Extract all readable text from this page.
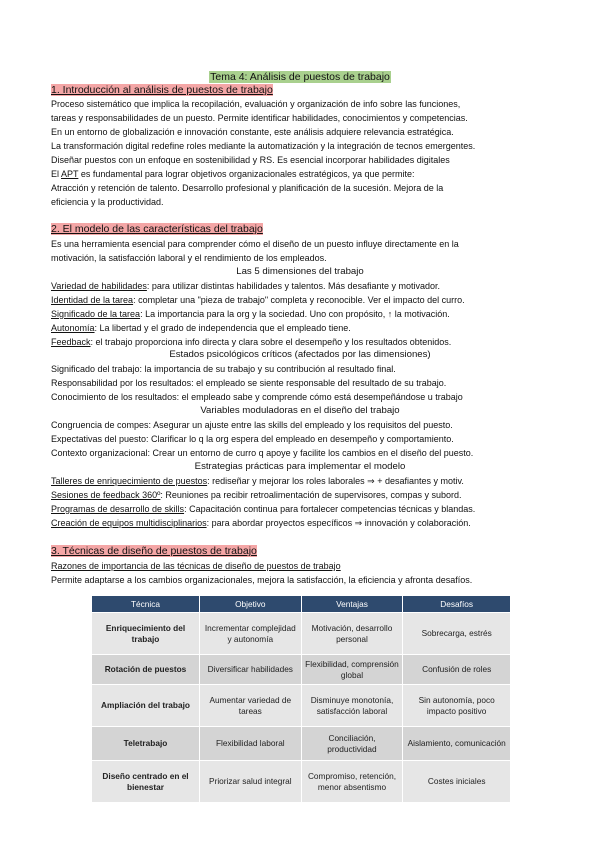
Tema 4: Análisis de puestos de trabajo
1. Introducción al análisis de puestos de trabajo
Proceso sistemático que implica la recopilación, evaluación y organización de info sobre las funciones,
tareas y responsabilidades de un puesto. Permite identificar habilidades, conocimientos y competencias.
En un entorno de globalización e innovación constante, este análisis adquiere relevancia estratégica.
La transformación digital redefine roles mediante la automatización y la integración de tecnos emergentes.
Diseñar puestos con un enfoque en sostenibilidad y RS. Es esencial incorporar habilidades digitales
El APT es fundamental para lograr objetivos organizacionales estratégicos, ya que permite:
Atracción y retención de talento. Desarrollo profesional y planificación de la sucesión. Mejora de la
eficiencia y la productividad.
2. El modelo de las características del trabajo
Es una herramienta esencial para comprender cómo el diseño de un puesto influye directamente en la
motivación, la satisfacción laboral y el rendimiento de los empleados.
Las 5 dimensiones del trabajo
Variedad de habilidades: para utilizar distintas habilidades y talentos. Más desafiante y motivador.
Identidad de la tarea: completar una "pieza de trabajo" completa y reconocible. Ver el impacto del curro.
Significado de la tarea: La importancia para la org y la sociedad. Uno con propósito, ↑ la motivación.
Autonomía: La libertad y el grado de independencia que el empleado tiene.
Feedback: el trabajo proporciona info directa y clara sobre el desempeño y los resultados obtenidos.
Estados psicológicos críticos (afectados por las dimensiones)
Significado del trabajo: la importancia de su trabajo y su contribución al resultado final.
Responsabilidad por los resultados: el empleado se siente responsable del resultado de su trabajo.
Conocimiento de los resultados: el empleado sabe y comprende cómo está desempeñándose u trabajo
Variables moduladoras en el diseño del trabajo
Congruencia de compes: Asegurar un ajuste entre las skills del empleado y los requisitos del puesto.
Expectativas del puesto: Clarificar lo q la org espera del empleado en desempeño y comportamiento.
Contexto organizacional: Crear un entorno de curro q apoye y facilite los cambios en el diseño del puesto.
Estrategias prácticas para implementar el modelo
Talleres de enriquecimiento de puestos: rediseñar y mejorar los roles laborales ⇒ + desafiantes y motiv.
Sesiones de feedback 360º: Reuniones pa recibir retroalimentación de supervisores, compas y subord.
Programas de desarrollo de skills: Capacitación continua para fortalecer competencias técnicas y blandas.
Creación de equipos multidisciplinarios: para abordar proyectos específicos ⇒ innovación y colaboración.
3. Técnicas de diseño de puestos de trabajo
Razones de importancia de las técnicas de diseño de puestos de trabajo
Permite adaptarse a los cambios organizacionales, mejora la satisfacción, la eficiencia y afronta desafíos.
Técnica	Objetivo	Ventajas	Desafíos
Enriquecimiento del trabajo	Incrementar complejidad y autonomía	Motivación, desarrollo personal	Sobrecarga, estrés
Rotación de puestos	Diversificar habilidades	Flexibilidad, comprensión global	Confusión de roles
Ampliación del trabajo	Aumentar variedad de tareas	Disminuye monotonía, satisfacción laboral	Sin autonomía, poco impacto positivo
Teletrabajo	Flexibilidad laboral	Conciliación, productividad	Aislamiento, comunicación
Diseño centrado en el bienestar	Priorizar salud integral	Compromiso, retención, menor absentismo	Costes iniciales
